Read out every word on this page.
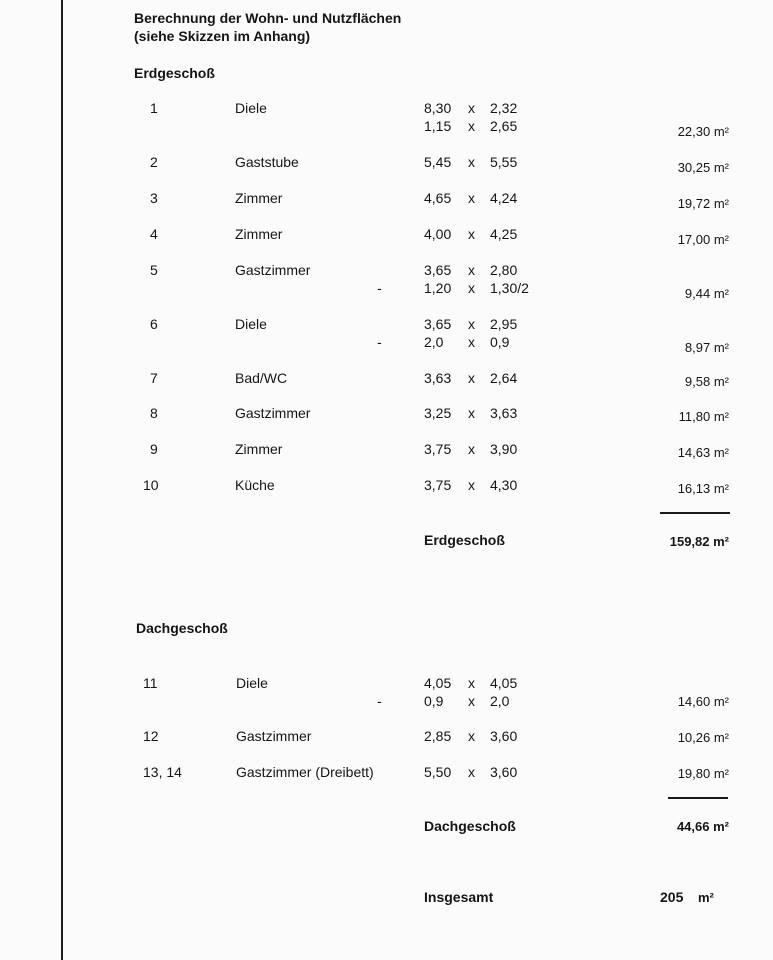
Berechnung der Wohn- und Nutzflächen
(siehe Skizzen im Anhang)
Erdgeschoß
1	Diele	8,30 x 2,32
1,15 x 2,65	22,30 m²
2	Gaststube	5,45 x 5,55	30,25 m²
3	Zimmer	4,65 x 4,24	19,72 m²
4	Zimmer	4,00 x 4,25	17,00 m²
5	Gastzimmer	3,65 x 2,80
-	1,20 x 1,30/2	9,44 m²
6	Diele	3,65 x 2,95
-	2,0 x 0,9	8,97 m²
7	Bad/WC	3,63 x 2,64	9,58 m²
8	Gastzimmer	3,25 x 3,63	11,80 m²
9	Zimmer	3,75 x 3,90	14,63 m²
10	Küche	3,75 x 4,30	16,13 m²
Erdgeschoß	159,82 m²
Dachgeschoß
11	Diele	4,05 x 4,05
-	0,9 x 2,0	14,60 m²
12	Gastzimmer	2,85 x 3,60	10,26 m²
13, 14	Gastzimmer (Dreibett)	5,50 x 3,60	19,80 m²
Dachgeschoß	44,66 m²
Insgesamt	205 m²
